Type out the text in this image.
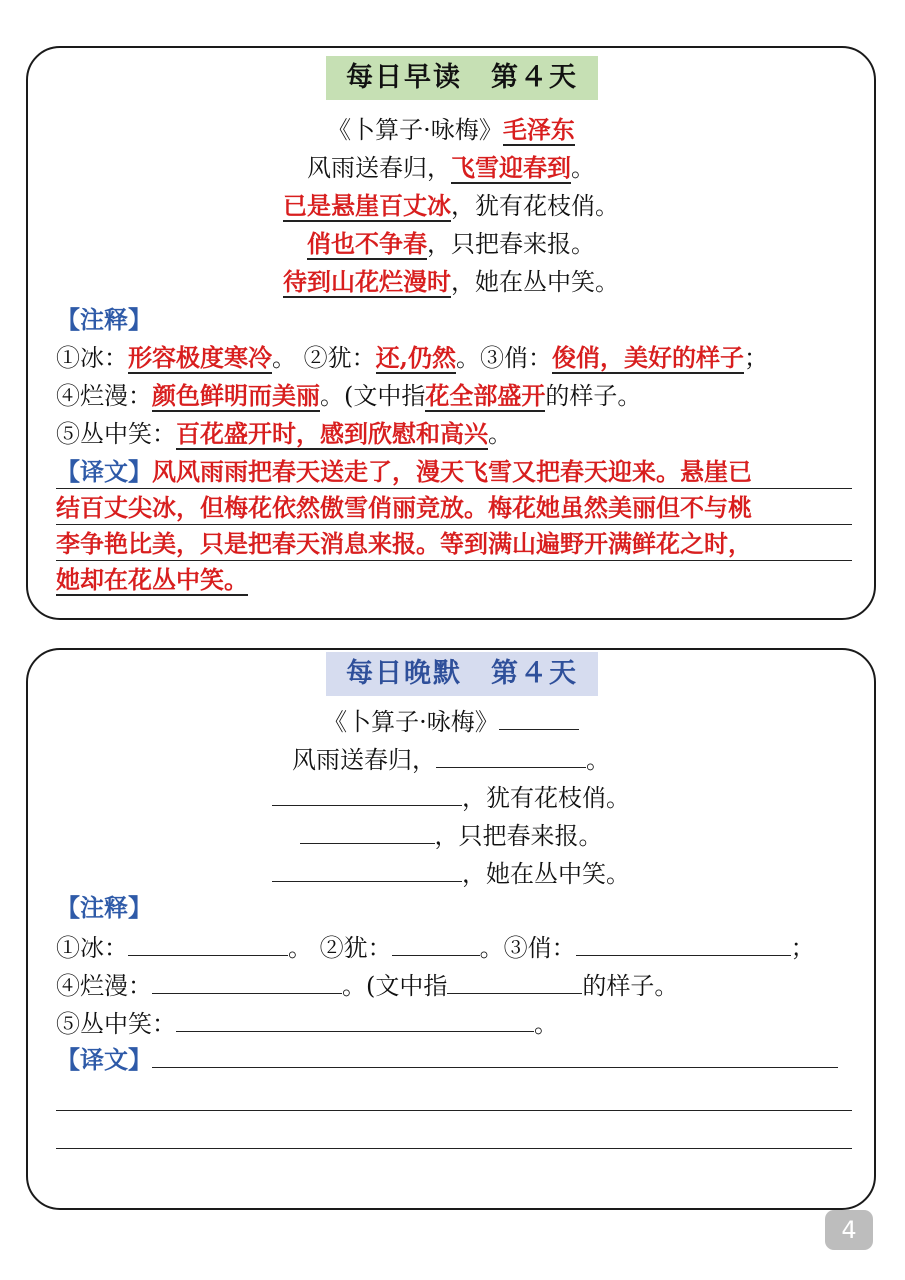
每日早读　第４天
《卜算子·咏梅》毛泽东
风雨送春归，飞雪迎春到。
已是悬崖百丈冰，犹有花枝俏。
俏也不争春，只把春来报。
待到山花烂漫时，她在丛中笑。
【注释】
①冰：形容极度寒冷。 ②犹：还,仍然。③俏：俊俏，美好的样子；
④烂漫：颜色鲜明而美丽。(文中指花全部盛开的样子。
⑤丛中笑：百花盛开时，感到欣慰和高兴。
【译文】风风雨雨把春天送走了，漫天飞雪又把春天迎来。悬崖已
结百丈尖冰，但梅花依然傲雪俏丽竞放。梅花她虽然美丽但不与桃
李争艳比美，只是把春天消息来报。等到满山遍野开满鲜花之时，
她却在花丛中笑。
每日晚默　第４天
《卜算子·咏梅》
风雨送春归，	。
，犹有花枝俏。
，只把春来报。
，她在丛中笑。
【注释】
①冰：	。 ②犹：	。③俏：	；
④烂漫：	。(文中指	的样子。
⑤丛中笑：	。
【译文】
4
